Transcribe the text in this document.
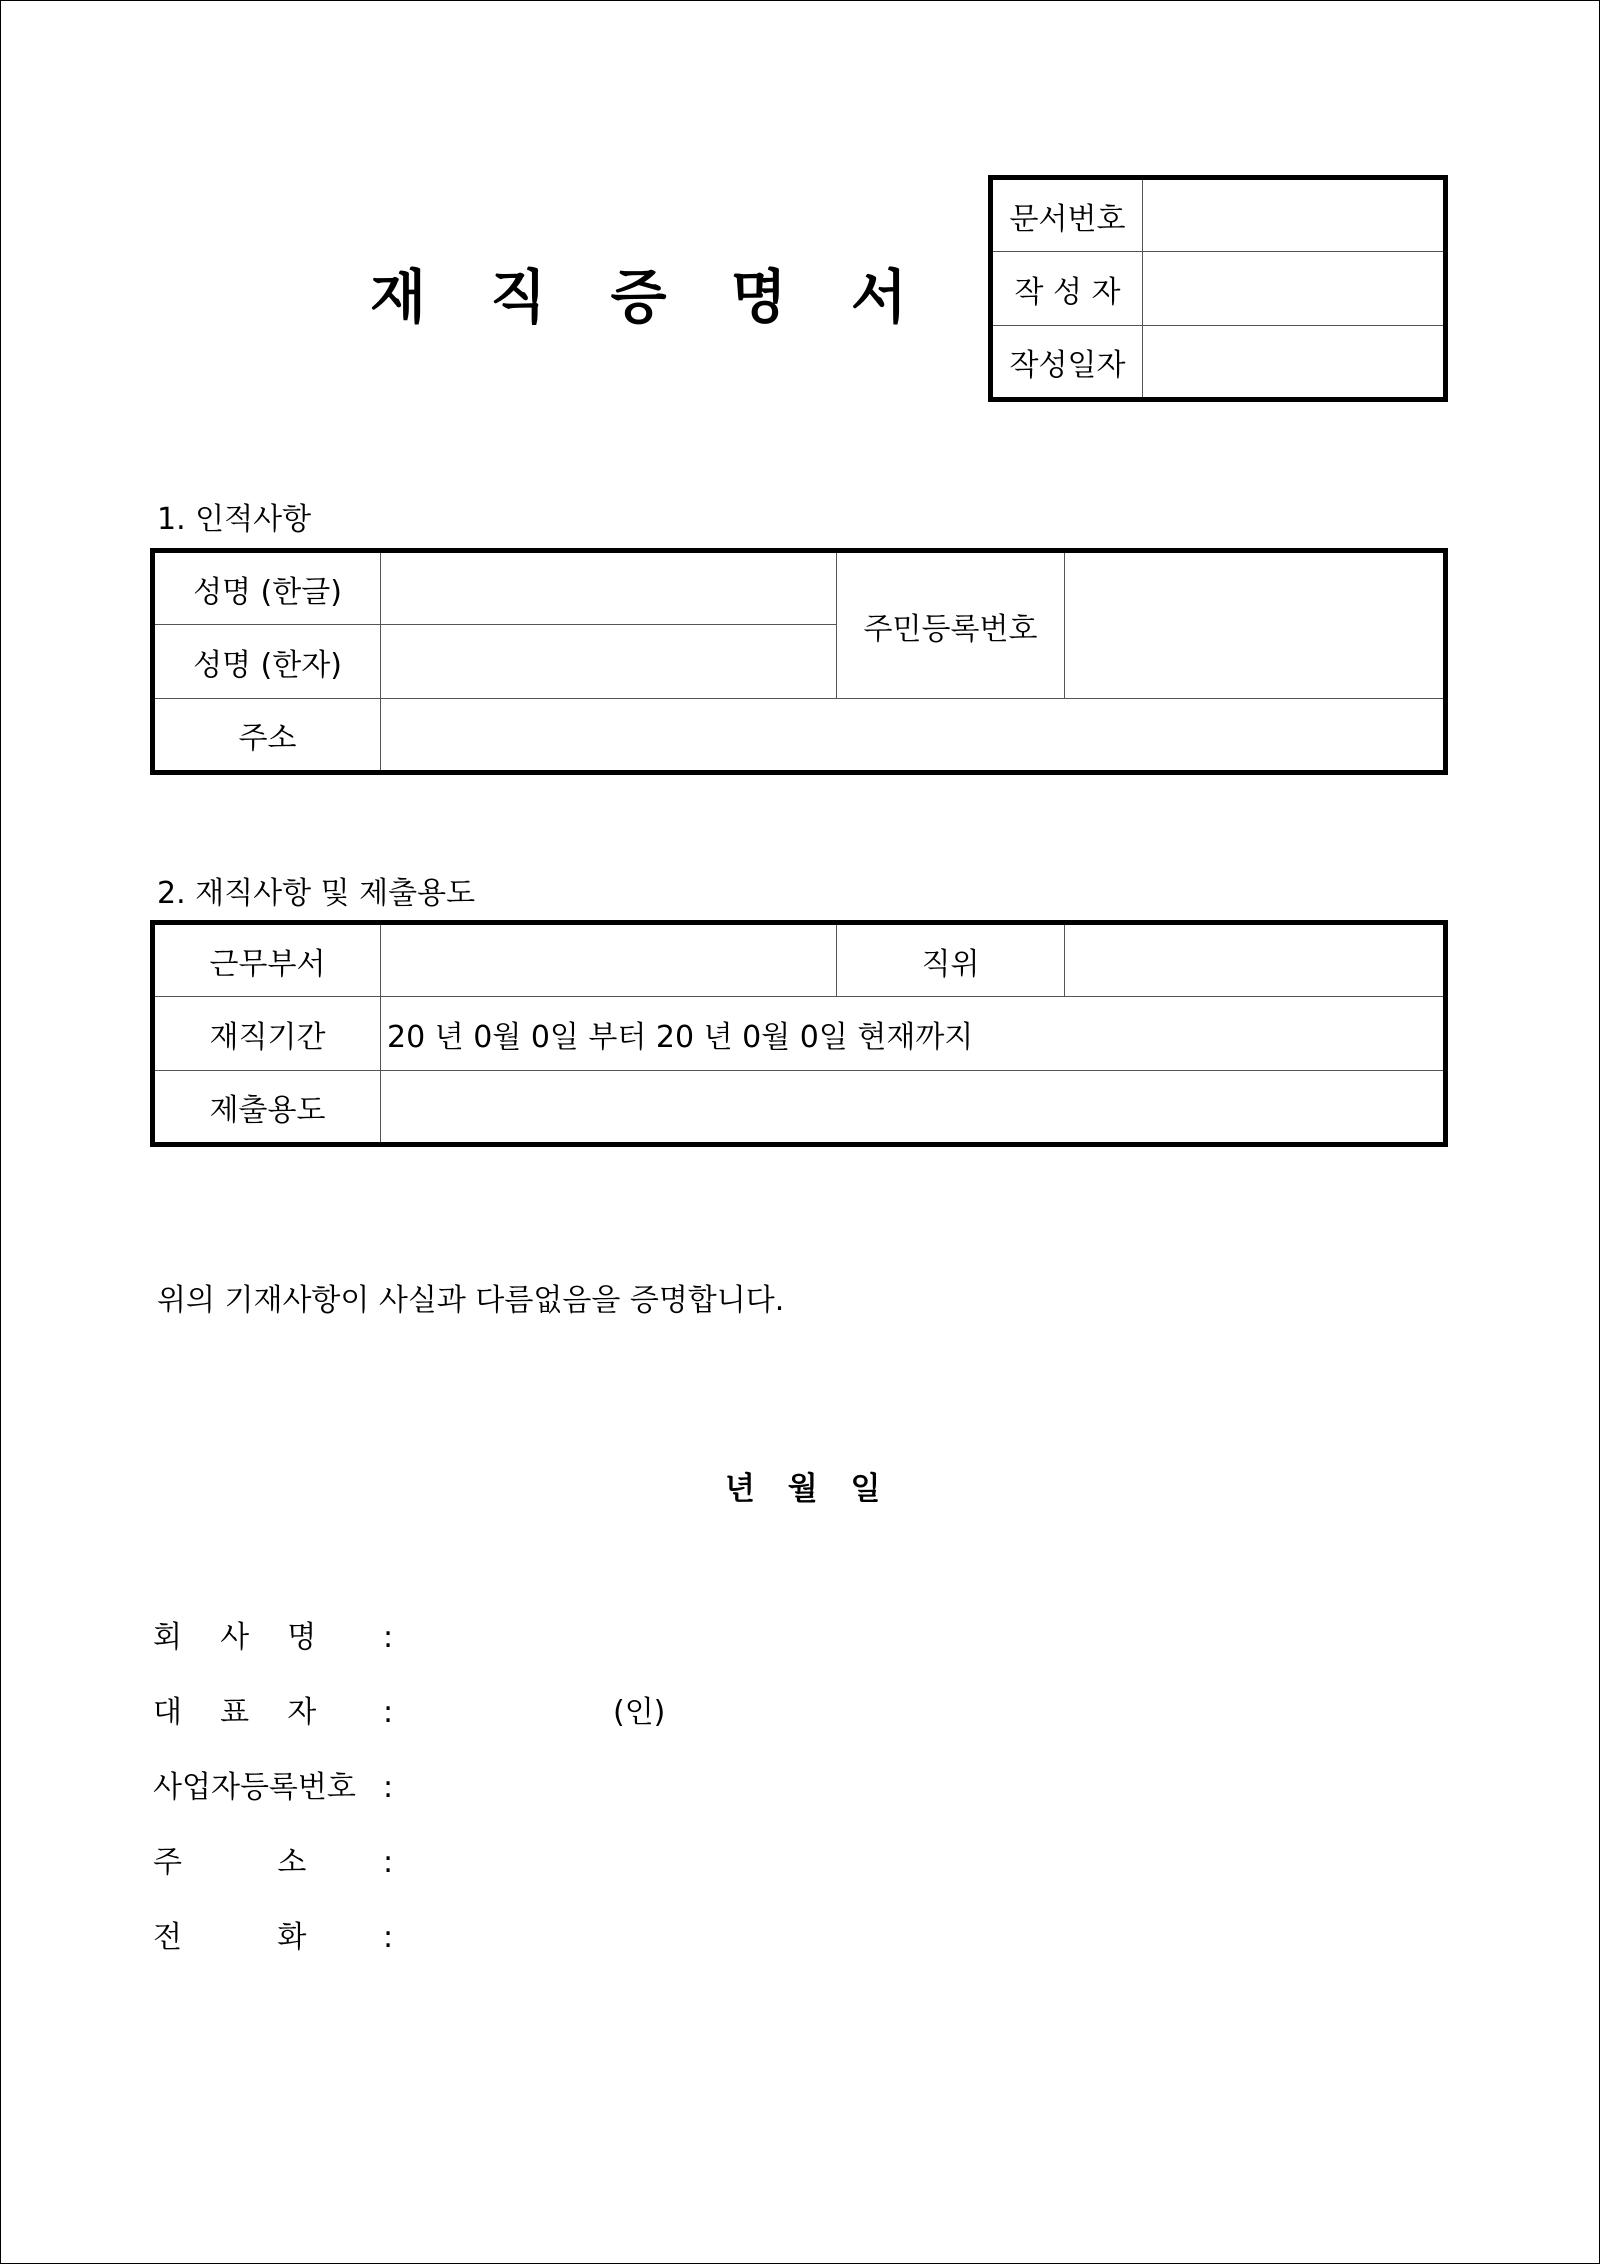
재 직 증 명 서
문서번호	
작 성 자	
작성일자	
1. 인적사항
성명 (한글)		주민등록번호	
성명 (한자)			
주소			
2. 재직사항 및 제출용도
근무부서		직위	
재직기간	20 년 0월 0일 부터 20 년 0월 0일 현재까지		
제출용도			
위의 기재사항이 사실과 다름없음을 증명합니다.
년 월 일
회    사    명 :
대    표    자 :	(인)
사업자등록번호 :
주          소	:
전          화	:
